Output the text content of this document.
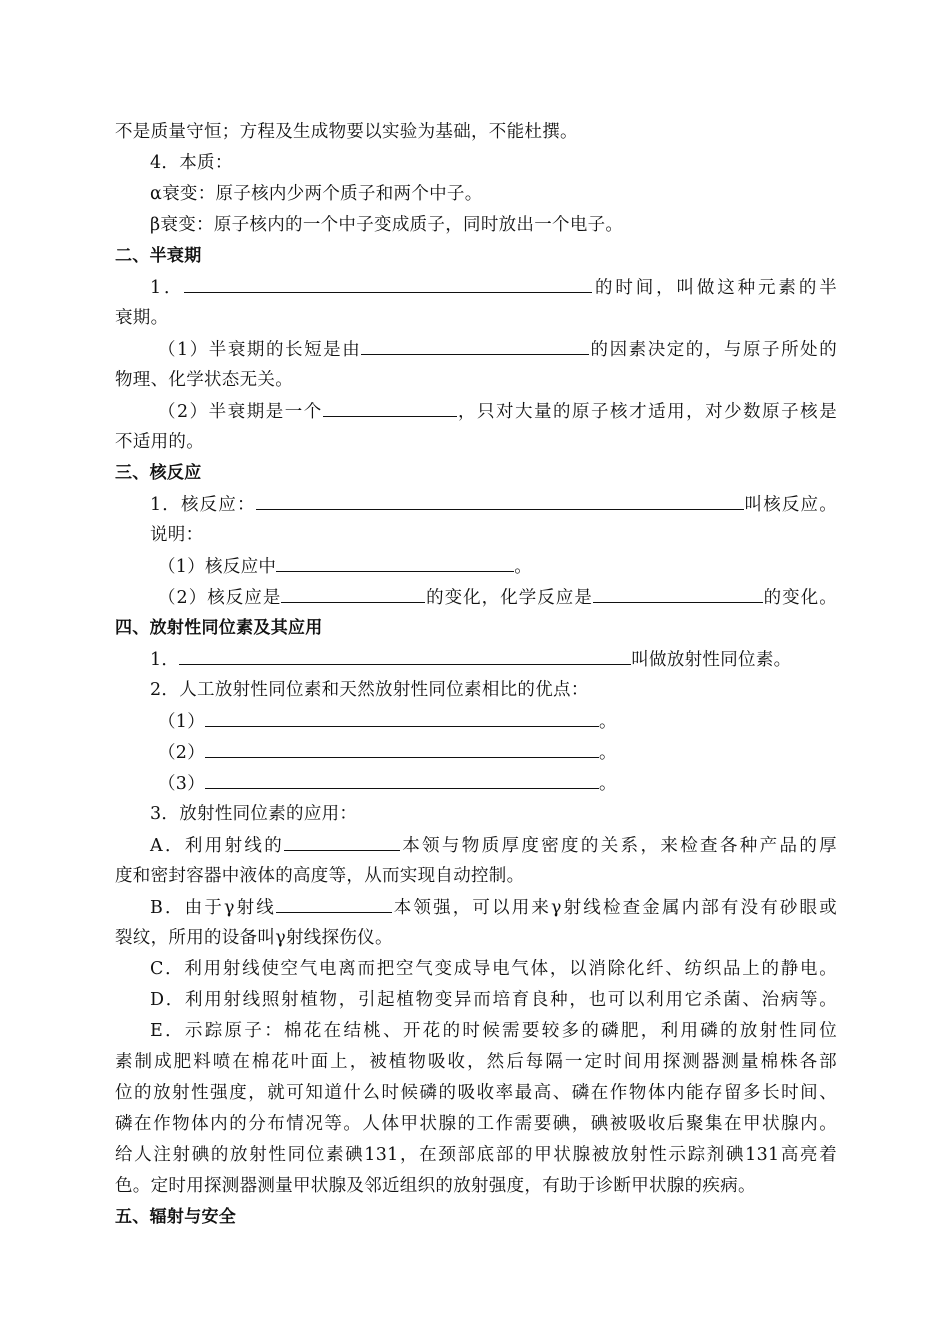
不是质量守恒；方程及生成物要以实验为基础，不能杜撰。
4．本质：
α衰变：原子核内少两个质子和两个中子。
β衰变：原子核内的一个中子变成质子，同时放出一个电子。
二、半衰期
1．	的时间，叫做这种元素的半
衰期。
（1）半衰期的长短是由	的因素决定的，与原子所处的
物理、化学状态无关。
（2）半衰期是一个	，只对大量的原子核才适用，对少数原子核是
不适用的。
三、核反应
1．核反应：	叫核反应。
说明：
（1）核反应中	。
（2）核反应是	的变化，化学反应是	的变化。
四、放射性同位素及其应用
1．	叫做放射性同位素。
2．人工放射性同位素和天然放射性同位素相比的优点：
（1）	。
（2）	。
（3）	。
3．放射性同位素的应用：
A．利用射线的	本领与物质厚度密度的关系，来检查各种产品的厚
度和密封容器中液体的高度等，从而实现自动控制。
B．由于γ射线	本领强，可以用来γ射线检查金属内部有没有砂眼或
裂纹，所用的设备叫γ射线探伤仪。
C．利用射线使空气电离而把空气变成导电气体，以消除化纤、纺织品上的静电。
D．利用射线照射植物，引起植物变异而培育良种，也可以利用它杀菌、治病等。
E．示踪原子：棉花在结桃、开花的时候需要较多的磷肥，利用磷的放射性同位
素制成肥料喷在棉花叶面上，被植物吸收，然后每隔一定时间用探测器测量棉株各部
位的放射性强度，就可知道什么时候磷的吸收率最高、磷在作物体内能存留多长时间、
磷在作物体内的分布情况等。人体甲状腺的工作需要碘，碘被吸收后聚集在甲状腺内。
给人注射碘的放射性同位素碘131，在颈部底部的甲状腺被放射性示踪剂碘131高亮着
色。定时用探测器测量甲状腺及邻近组织的放射强度，有助于诊断甲状腺的疾病。
五、辐射与安全
